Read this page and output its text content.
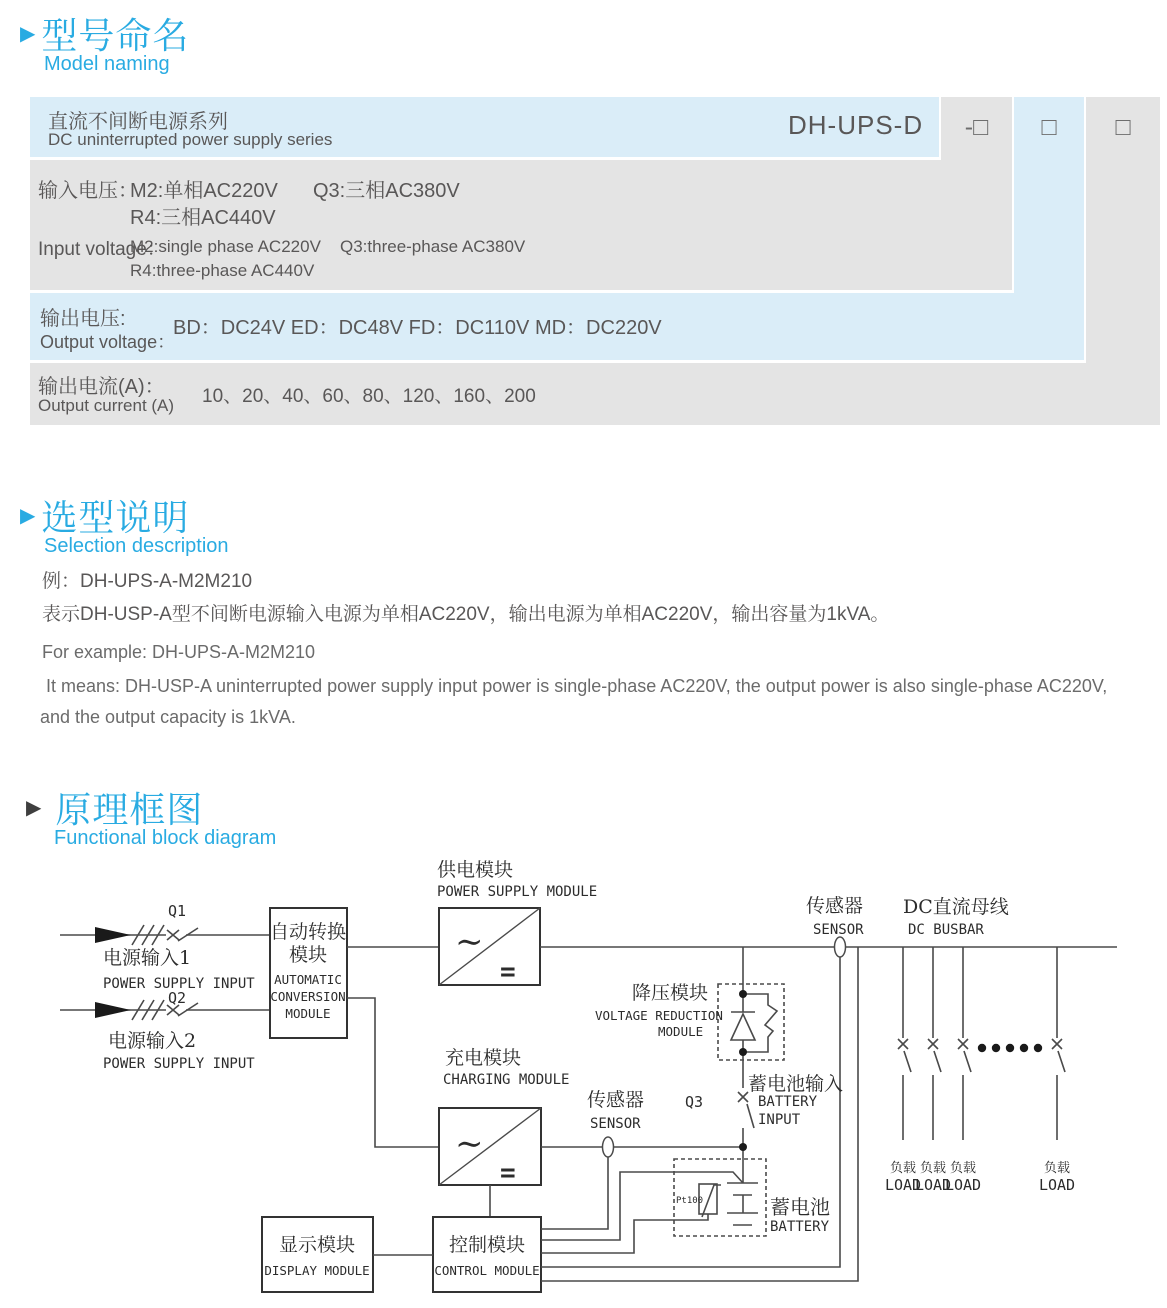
▶ 型号命名
Model naming
直流不间断电源系列
DC uninterrupted power supply series	DH-UPS-D	-□	□	□
输入电压：
M2:单相AC220V Q3:三相AC380V
R4:三相AC440V
Input voltage：
M2:single phase AC220V Q3:three-phase AC380V
R4:three-phase AC440V
输出电压:
Output voltage：
BD：DC24V ED：DC48V FD：DC110V MD：DC220V
输出电流(A)：
Output current (A) 10、20、40、60、80、120、160、200
▶ 选型说明
Selection description
例：DH-UPS-A-M2M210
表示DH-USP-A型不间断电源输入电源为单相AC220V，输出电源为单相AC220V，输出容量为1kVA。
For example: DH-UPS-A-M2M210
It means: DH-USP-A uninterrupted power supply input power is single-phase AC220V, the output power is also single-phase AC220V,
and the output capacity is 1kVA.
▶ 原理框图
Functional block diagram
∼
=
∼
=
Q1
Q2
电源输入1
POWER SUPPLY INPUT
电源输入2
POWER SUPPLY INPUT
自动转换
模块
AUTOMATIC
CONVERSION
MODULE
供电模块
POWER SUPPLY MODULE
充电模块
CHARGING MODULE
传感器
SENSOR
DC直流母线
DC BUSBAR
降压模块
VOLTAGE REDUCTION
MODULE
传感器
SENSOR
Q3
蓄电池输入
BATTERY
INPUT
Pt100	蓄电池
BATTERY
显示模块
DISPLAY MODULE
控制模块
CONTROL MODULE
负载 负载 负载	负载
LOAD
LOAD
LOAD	LOAD
